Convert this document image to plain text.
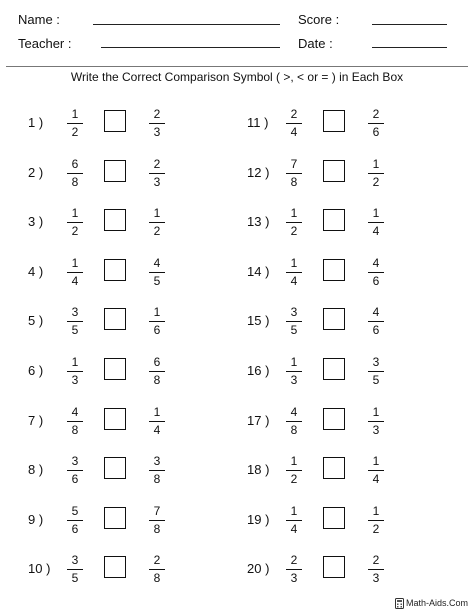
Name :	Score :
Teacher :	Date :
Write the Correct Comparison Symbol ( >, < or = ) in Each Box
1 )
1
2
2
3
2 )
6
8
2
3
3 )
1
2
1
2
4 )
1
4
4
5
5 )
3
5
1
6
6 )
1
3
6
8
7 )
4
8
1
4
8 )
3
6
3
8
9 )
5
6
7
8
10 )
3
5
2
8
11 )
2
4
2
6
12 )
7
8
1
2
13 )
1
2
1
4
14 )
1
4
4
6
15 )
3
5
4
6
16 )
1
3
3
5
17 )
4
8
1
3
18 )
1
2
1
4
19 )
1
4
1
2
20 )
2
3
2
3
Math-Aids.Com
